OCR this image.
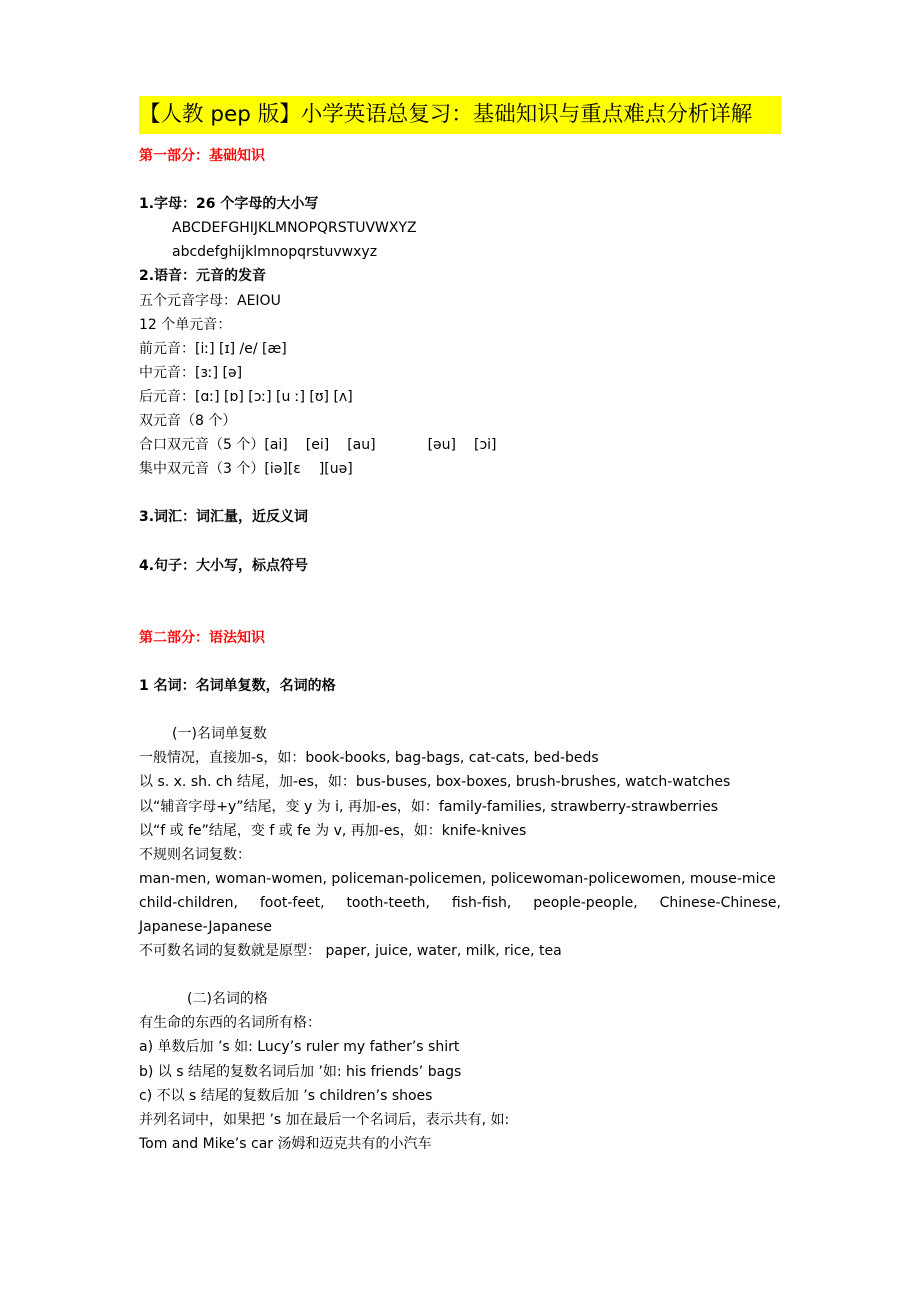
【人教 pep 版】小学英语总复习：基础知识与重点难点分析详解
第一部分：基础知识
1.字母：26 个字母的大小写
ABCDEFGHIJKLMNOPQRSTUVWXYZ
abcdefghijklmnopqrstuvwxyz
2.语音：元音的发音
五个元音字母：AEIOU
12 个单元音：
前元音：[iː] [ɪ] /e/ [æ]
中元音：[ɜː] [ə]
后元音：[ɑː] [ɒ] [ɔː] [u ː] [ʊ] [ʌ]
双元音（8 个）
合口双元音（5 个）[ai] [ei] [au]	[əu] [ɔi]
集中双元音（3 个）[iə][ε ][uə]
3.词汇：词汇量，近反义词
4.句子：大小写，标点符号
第二部分：语法知识
1 名词：名词单复数，名词的格
(一)名词单复数
一般情况，直接加-s，如：book-books, bag-bags, cat-cats, bed-beds
以 s. x. sh. ch 结尾，加-es，如：bus-buses, box-boxes, brush-brushes, watch-watches
以“辅音字母+y”结尾，变 y 为 i, 再加-es，如：family-families, strawberry-strawberries
以“f 或 fe”结尾，变 f 或 fe 为 v, 再加-es，如：knife-knives
不规则名词复数：
man-men, woman-women, policeman-policemen, policewoman-policewomen, mouse-mice
child-children, foot-feet, tooth-teeth, fish-fish, people-people, Chinese-Chinese,
Japanese-Japanese
不可数名词的复数就是原型： paper, juice, water, milk, rice, tea
(二)名词的格
有生命的东西的名词所有格：
a) 单数后加 ’s 如: Lucy’s ruler my father’s shirt
b) 以 s 结尾的复数名词后加 ’如: his friends’ bags
c) 不以 s 结尾的复数后加 ’s children’s shoes
并列名词中，如果把 ’s 加在最后一个名词后，表示共有, 如:
Tom and Mike’s car 汤姆和迈克共有的小汽车
